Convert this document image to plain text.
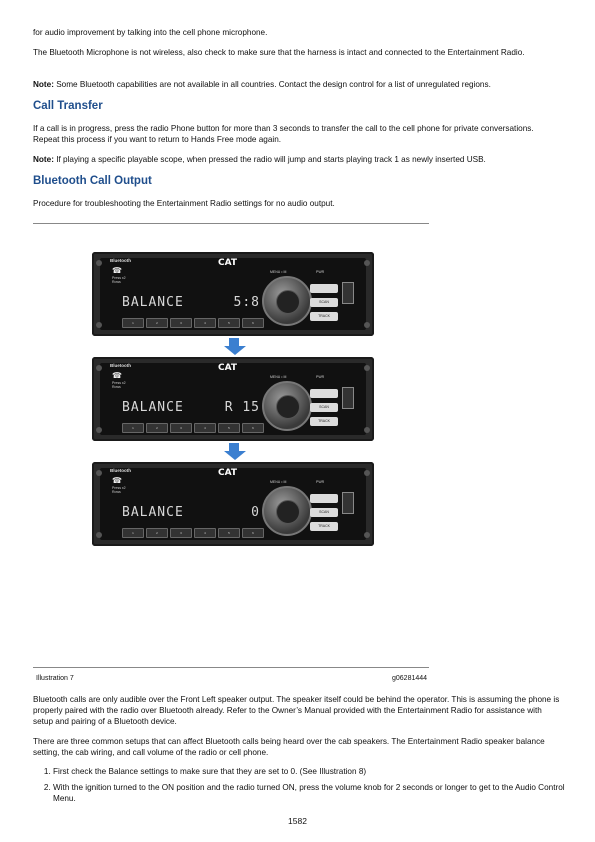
for audio improvement by talking into the cell phone microphone.

The Bluetooth Microphone is not wireless, also check to make sure that the harness is intact and connected to the Entertainment Radio.

Note: Some Bluetooth capabilities are not available in all countries. Contact the design control for a list of unregulated regions.

Call Transfer

If a call is in progress, press the radio Phone button for more than 3 seconds to transfer the call to the cell phone for private conversations. Repeat this process if you want to return to Hands Free mode again.

Note: If playing a specific playable scope, when pressed the radio will jump and starts playing track 1 as newly inserted USB.

Bluetooth Call Output

Procedure for troubleshooting the Entertainment Radio settings for no audio output.

Bluetooth
☎
Press x2 Rows
CAT
MENU • M	PWR
BALANCE	5:8	SCAN
TRACK
1	2	3	4	5	6
Bluetooth
☎
Press x2 Rows
CAT
MENU • M	PWR
BALANCE	R 15	SCAN
TRACK
1	2	3	4	5	6
Bluetooth
☎
Press x2 Rows
CAT
MENU • M	PWR
BALANCE	0	SCAN
TRACK
1	2	3	4	5	6
Illustration 7	g06281444

Bluetooth calls are only audible over the Front Left speaker output. The speaker itself could be behind the operator. This is assuming the phone is properly paired with the radio over Bluetooth already. Refer to the Owner’s Manual provided with the Entertainment Radio for assistance with setup and pairing of a Bluetooth device.

There are three common setups that can affect Bluetooth calls being heard over the cab speakers. The Entertainment Radio speaker balance setting, the cab wiring, and call volume of the radio or cell phone.

1. First check the Balance settings to make sure that they are set to 0. (See Illustration 8)
2. With the ignition turned to the ON position and the radio turned ON, press the volume knob for 2 seconds or longer to get to the Audio Control Menu.
1582
